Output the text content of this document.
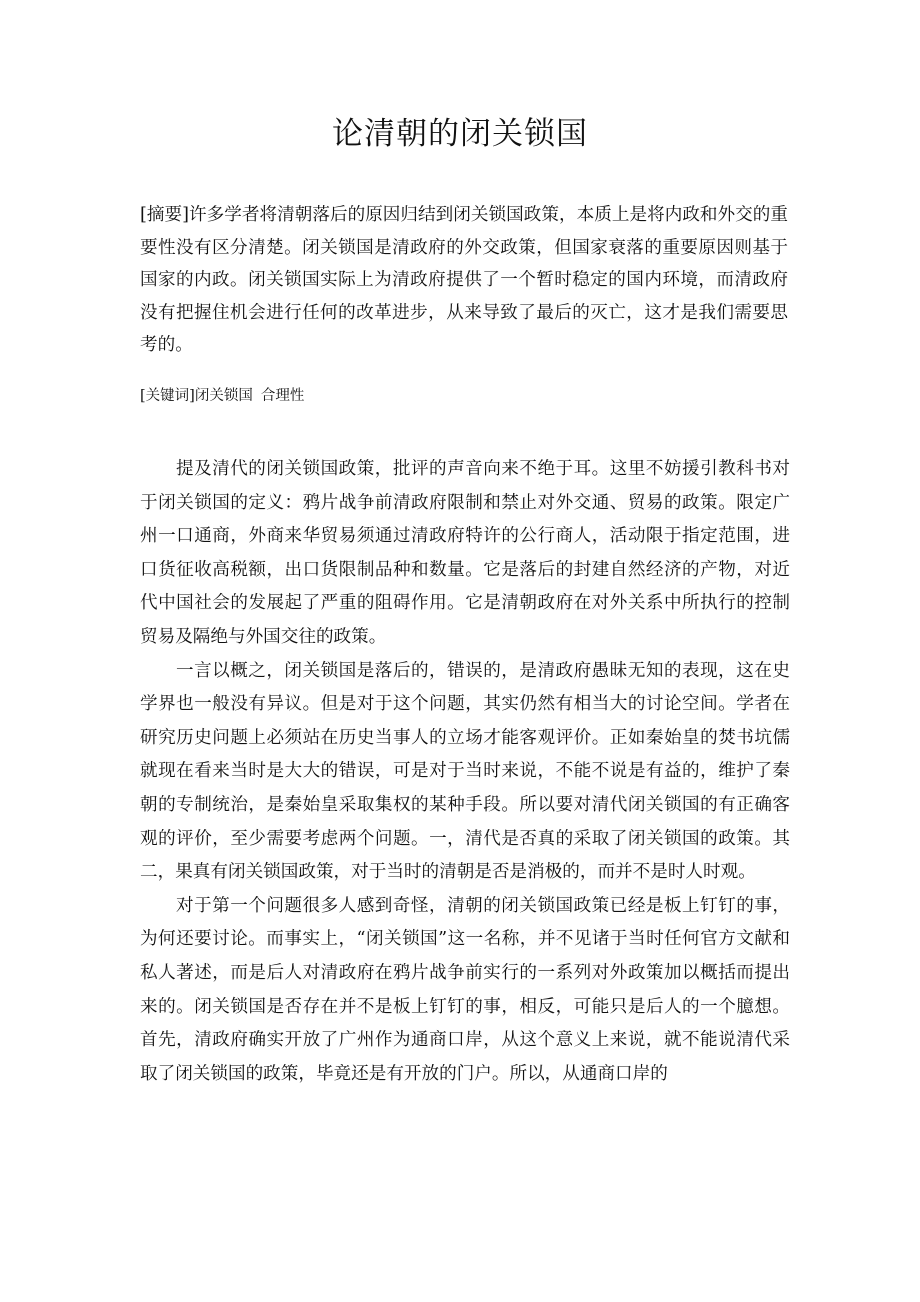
论清朝的闭关锁国

[摘要]许多学者将清朝落后的原因归结到闭关锁国政策，本质上是将内政和外交的重要性没有区分清楚。闭关锁国是清政府的外交政策，但国家衰落的重要原因则基于国家的内政。闭关锁国实际上为清政府提供了一个暂时稳定的国内环境，而清政府没有把握住机会进行任何的改革进步，从来导致了最后的灭亡，这才是我们需要思考的。

[关键词]闭关锁国 合理性

提及清代的闭关锁国政策，批评的声音向来不绝于耳。这里不妨援引教科书对于闭关锁国的定义：鸦片战争前清政府限制和禁止对外交通、贸易的政策。限定广州一口通商，外商来华贸易须通过清政府特许的公行商人，活动限于指定范围，进口货征收高税额，出口货限制品种和数量。它是落后的封建自然经济的产物，对近代中国社会的发展起了严重的阻碍作用。它是清朝政府在对外关系中所执行的控制贸易及隔绝与外国交往的政策。

一言以概之，闭关锁国是落后的，错误的，是清政府愚昧无知的表现，这在史学界也一般没有异议。但是对于这个问题，其实仍然有相当大的讨论空间。学者在研究历史问题上必须站在历史当事人的立场才能客观评价。正如秦始皇的焚书坑儒就现在看来当时是大大的错误，可是对于当时来说，不能不说是有益的，维护了秦朝的专制统治，是秦始皇采取集权的某种手段。所以要对清代闭关锁国的有正确客观的评价，至少需要考虑两个问题。一，清代是否真的采取了闭关锁国的政策。其二，果真有闭关锁国政策，对于当时的清朝是否是消极的，而并不是时人时观。

对于第一个问题很多人感到奇怪，清朝的闭关锁国政策已经是板上钉钉的事，为何还要讨论。而事实上，“闭关锁国”这一名称，并不见诸于当时任何官方文献和私人著述，而是后人对清政府在鸦片战争前实行的一系列对外政策加以概括而提出来的。闭关锁国是否存在并不是板上钉钉的事，相反，可能只是后人的一个臆想。首先，清政府确实开放了广州作为通商口岸，从这个意义上来说，就不能说清代采取了闭关锁国的政策，毕竟还是有开放的门户。所以，从通商口岸的
